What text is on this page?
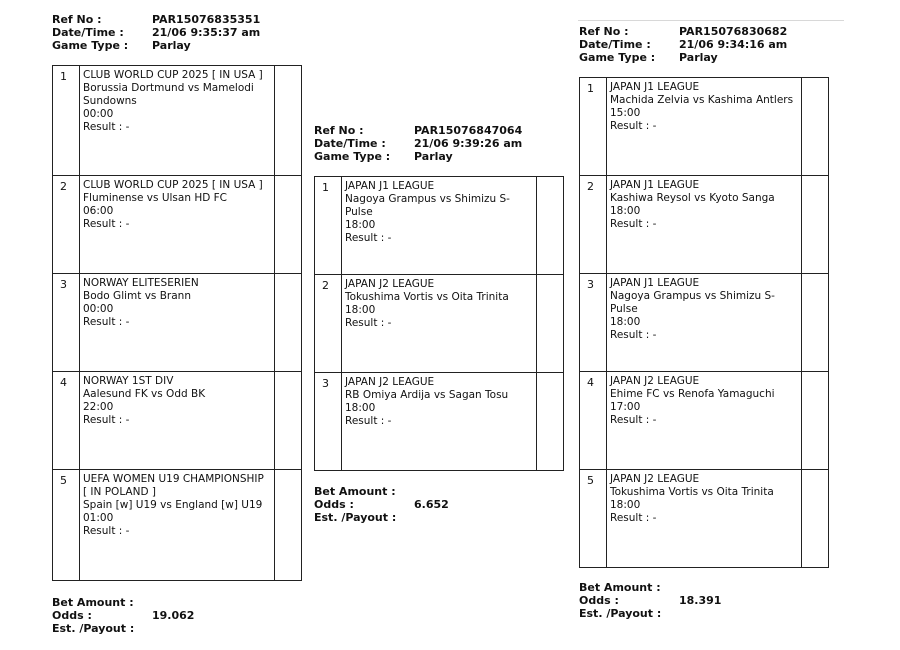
Ref No :	PAR15076835351
Date/Time :	21/06 9:35:37 am
Game Type : Parlay
1	CLUB WORLD CUP 2025 [ IN USA ]
Borussia Dortmund vs Mamelodi Sundowns
00:00
Result : -	

2	CLUB WORLD CUP 2025 [ IN USA ]
Fluminense vs Ulsan HD FC
06:00
Result : -	

3	NORWAY ELITESERIEN
Bodo Glimt vs Brann
00:00
Result : -	

4	NORWAY 1ST DIV
Aalesund FK vs Odd BK
22:00
Result : -	

5	UEFA WOMEN U19 CHAMPIONSHIP [ IN POLAND ]
Spain [w] U19 vs England [w] U19
01:00
Result : -	

Bet Amount :
Odds :	19.062
Est. /Payout :
Ref No :	PAR15076847064
Date/Time :	21/06 9:39:26 am
Game Type : Parlay
1	JAPAN J1 LEAGUE
Nagoya Grampus vs Shimizu S-Pulse
18:00
Result : -	

2	JAPAN J2 LEAGUE
Tokushima Vortis vs Oita Trinita
18:00
Result : -	

3	JAPAN J2 LEAGUE
RB Omiya Ardija vs Sagan Tosu
18:00
Result : -	

Bet Amount :
Odds :	6.652
Est. /Payout :
Ref No :	PAR15076830682
Date/Time :	21/06 9:34:16 am
Game Type : Parlay
1	JAPAN J1 LEAGUE
Machida Zelvia vs Kashima Antlers
15:00
Result : -	

2	JAPAN J1 LEAGUE
Kashiwa Reysol vs Kyoto Sanga
18:00
Result : -	

3	JAPAN J1 LEAGUE
Nagoya Grampus vs Shimizu S-Pulse
18:00
Result : -	

4	JAPAN J2 LEAGUE
Ehime FC vs Renofa Yamaguchi
17:00
Result : -	

5	JAPAN J2 LEAGUE
Tokushima Vortis vs Oita Trinita
18:00
Result : -	

Bet Amount :
Odds :	18.391
Est. /Payout :
